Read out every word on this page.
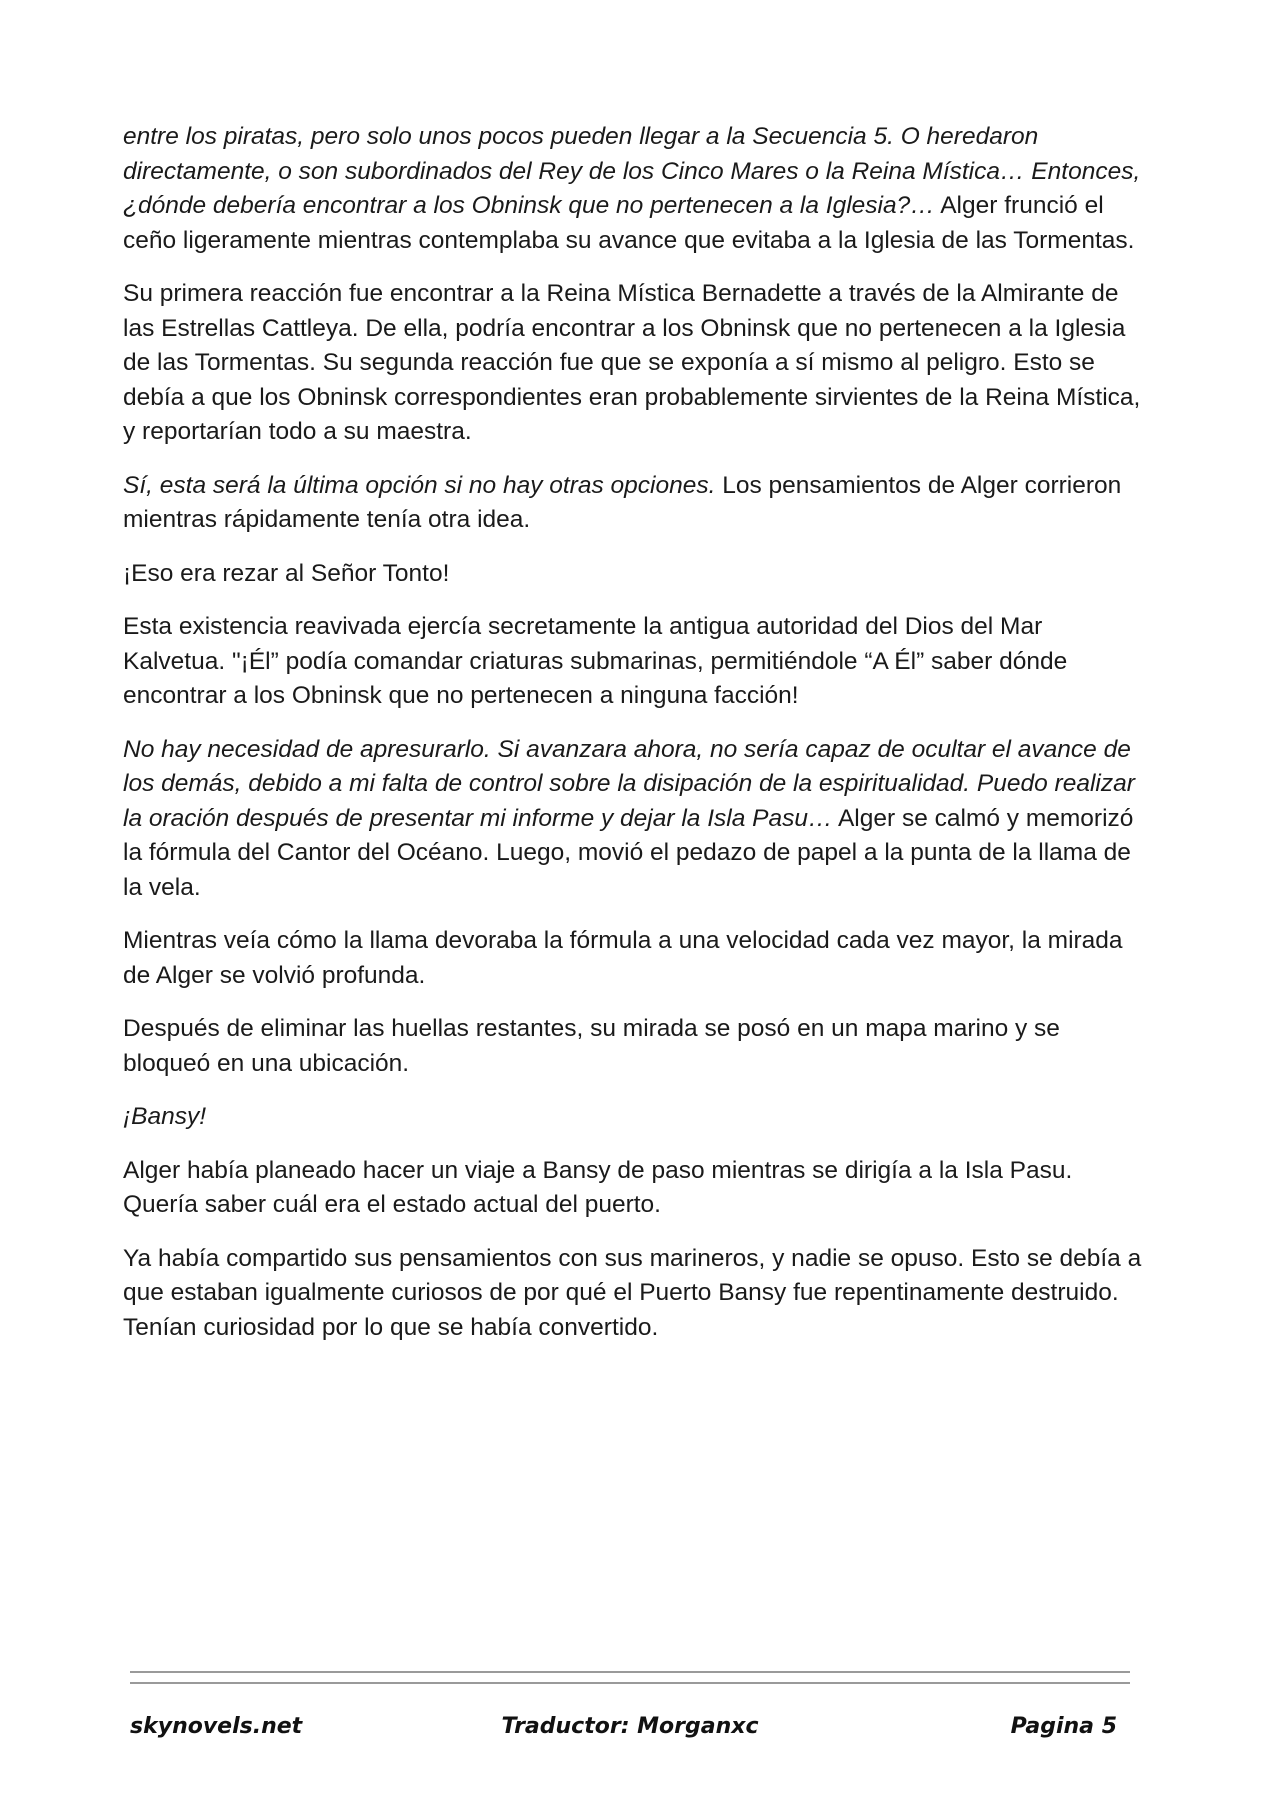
entre los piratas, pero solo unos pocos pueden llegar a la Secuencia 5. O heredaron directamente, o son subordinados del Rey de los Cinco Mares o la Reina Mística… Entonces, ¿dónde debería encontrar a los Obninsk que no pertenecen a la Iglesia?… Alger frunció el ceño ligeramente mientras contemplaba su avance que evitaba a la Iglesia de las Tormentas.

Su primera reacción fue encontrar a la Reina Mística Bernadette a través de la Almirante de las Estrellas Cattleya. De ella, podría encontrar a los Obninsk que no pertenecen a la Iglesia de las Tormentas. Su segunda reacción fue que se exponía a sí mismo al peligro. Esto se debía a que los Obninsk correspondientes eran probablemente sirvientes de la Reina Mística, y reportarían todo a su maestra.

Sí, esta será la última opción si no hay otras opciones. Los pensamientos de Alger corrieron mientras rápidamente tenía otra idea.

¡Eso era rezar al Señor Tonto!

Esta existencia reavivada ejercía secretamente la antigua autoridad del Dios del Mar Kalvetua. "¡Él” podía comandar criaturas submarinas, permitiéndole “A Él” saber dónde encontrar a los Obninsk que no pertenecen a ninguna facción!

No hay necesidad de apresurarlo. Si avanzara ahora, no sería capaz de ocultar el avance de los demás, debido a mi falta de control sobre la disipación de la espiritualidad. Puedo realizar la oración después de presentar mi informe y dejar la Isla Pasu… Alger se calmó y memorizó la fórmula del Cantor del Océano. Luego, movió el pedazo de papel a la punta de la llama de la vela.

Mientras veía cómo la llama devoraba la fórmula a una velocidad cada vez mayor, la mirada de Alger se volvió profunda.

Después de eliminar las huellas restantes, su mirada se posó en un mapa marino y se bloqueó en una ubicación.

¡Bansy!

Alger había planeado hacer un viaje a Bansy de paso mientras se dirigía a la Isla Pasu. Quería saber cuál era el estado actual del puerto.

Ya había compartido sus pensamientos con sus marineros, y nadie se opuso. Esto se debía a que estaban igualmente curiosos de por qué el Puerto Bansy fue repentinamente destruido. Tenían curiosidad por lo que se había convertido.

skynovels.net	Traductor: Morganxc	Pagina 5
